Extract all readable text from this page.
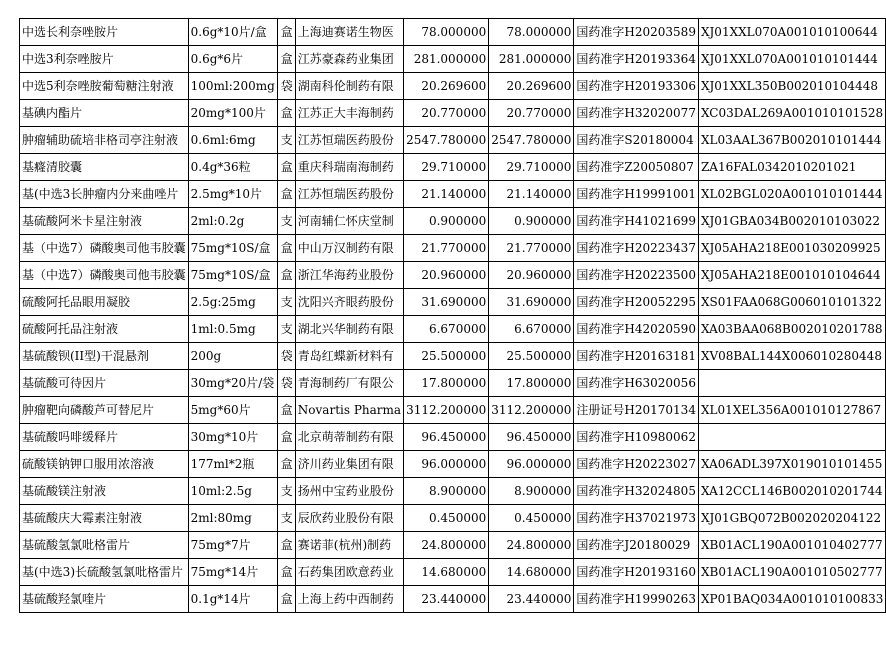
中选长利奈唑胺片	0.6g*10片/盒	盒	上海迪赛诺生物医	78.000000	78.000000	国药准字H20203589	XJ01XXL070A001010100644
中选3利奈唑胺片	0.6g*6片	盒	江苏豪森药业集团	281.000000	281.000000	国药准字H20193364	XJ01XXL070A001010101444
中选5利奈唑胺葡萄糖注射液	100ml:200mg	袋	湖南科伦制药有限	20.269600	20.269600	国药准字H20193306	XJ01XXL350B002010104448
基碘内酯片	20mg*100片	盒	江苏正大丰海制药	20.770000	20.770000	国药准字H32020077	XC03DAL269A001010101528
肿瘤辅助硫培非格司亭注射液	0.6ml:6mg	支	江苏恒瑞医药股份	2547.780000	2547.780000	国药准字S20180004	XL03AAL367B002010101444
基癃清胶囊	0.4g*36粒	盒	重庆科瑞南海制药	29.710000	29.710000	国药准字Z20050807	ZA16FAL0342010201021
基(中选3长肿瘤内分来曲唑片	2.5mg*10片	盒	江苏恒瑞医药股份	21.140000	21.140000	国药准字H19991001	XL02BGL020A001010101444
基硫酸阿米卡星注射液	2ml:0.2g	支	河南辅仁怀庆堂制	0.900000	0.900000	国药准字H41021699	XJ01GBA034B002010103022
基（中选7）磷酸奥司他韦胶囊	75mg*10S/盒	盒	中山万汉制药有限	21.770000	21.770000	国药准字H20223437	XJ05AHA218E001030209925
基（中选7）磷酸奥司他韦胶囊	75mg*10S/盒	盒	浙江华海药业股份	20.960000	20.960000	国药准字H20223500	XJ05AHA218E001010104644
硫酸阿托品眼用凝胶	2.5g:25mg	支	沈阳兴齐眼药股份	31.690000	31.690000	国药准字H20052295	XS01FAA068G006010101322
硫酸阿托品注射液	1ml:0.5mg	支	湖北兴华制药有限	6.670000	6.670000	国药准字H42020590	XA03BAA068B002010201788
基硫酸钡(II型)干混悬剂	200g	袋	青岛红蝶新材料有	25.500000	25.500000	国药准字H20163181	XV08BAL144X006010280448
基硫酸可待因片	30mg*20片/袋	袋	青海制药厂有限公	17.800000	17.800000	国药准字H63020056	
肿瘤靶向磷酸芦可替尼片	5mg*60片	盒	Novartis Pharma	3112.200000	3112.200000	注册证号H20170134	XL01XEL356A001010127867
基硫酸吗啡缓释片	30mg*10片	盒	北京萌蒂制药有限	96.450000	96.450000	国药准字H10980062	
硫酸镁钠钾口服用浓溶液	177ml*2瓶	盒	济川药业集团有限	96.000000	96.000000	国药准字H20223027	XA06ADL397X019010101455
基硫酸镁注射液	10ml:2.5g	支	扬州中宝药业股份	8.900000	8.900000	国药准字H32024805	XA12CCL146B002010201744
基硫酸庆大霉素注射液	2ml:80mg	支	辰欣药业股份有限	0.450000	0.450000	国药准字H37021973	XJ01GBQ072B002020204122
基硫酸氢氯吡格雷片	75mg*7片	盒	赛诺菲(杭州)制药	24.800000	24.800000	国药准字J20180029	XB01ACL190A001010402777
基(中选3)长硫酸氢氯吡格雷片	75mg*14片	盒	石药集团欧意药业	14.680000	14.680000	国药准字H20193160	XB01ACL190A001010502777
基硫酸羟氯喹片	0.1g*14片	盒	上海上药中西制药	23.440000	23.440000	国药准字H19990263	XP01BAQ034A001010100833
